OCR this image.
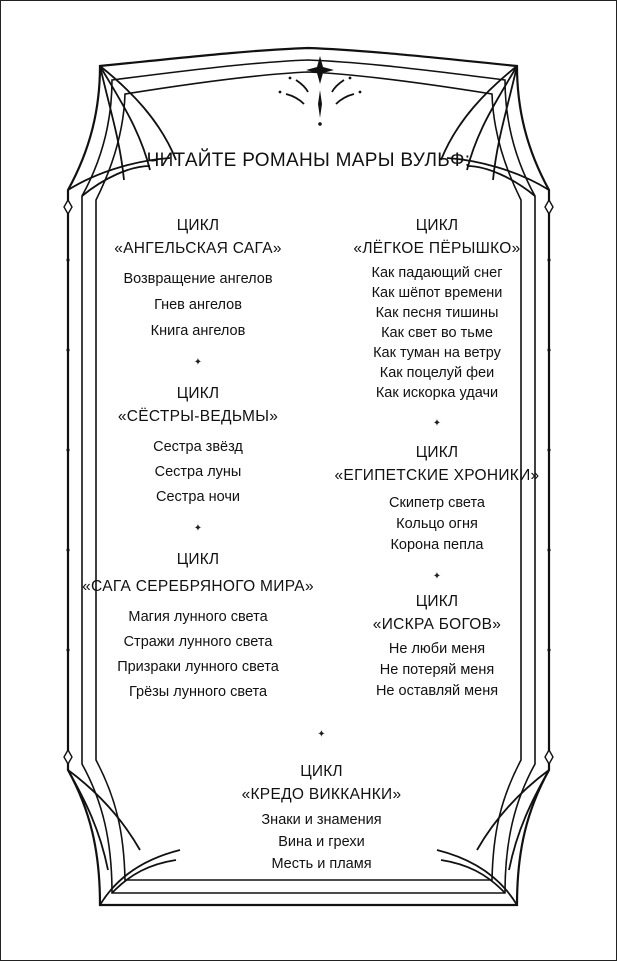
ЧИТАЙТЕ РОМАНЫ МАРЫ ВУЛЬФ:
ЦИКЛ
«АНГЕЛЬСКАЯ САГА»
Возвращение ангелов
Гнев ангелов
Книга ангелов
✦
ЦИКЛ
«СЁСТРЫ-ВЕДЬМЫ»
Сестра звёзд
Сестра луны
Сестра ночи
✦
ЦИКЛ
«САГА СЕРЕБРЯНОГО МИРА»
Магия лунного света
Стражи лунного света
Призраки лунного света
Грёзы лунного света
ЦИКЛ
«ЛЁГКОЕ ПЁРЫШКО»
Как падающий снег
Как шёпот времени
Как песня тишины
Как свет во тьме
Как туман на ветру
Как поцелуй феи
Как искорка удачи
✦
ЦИКЛ
«ЕГИПЕТСКИЕ ХРОНИКИ»
Скипетр света
Кольцо огня
Корона пепла
✦
ЦИКЛ
«ИСКРА БОГОВ»
Не люби меня
Не потеряй меня
Не оставляй меня
✦
ЦИКЛ
«КРЕДО ВИККАНКИ»
Знаки и знамения
Вина и грехи
Месть и пламя
